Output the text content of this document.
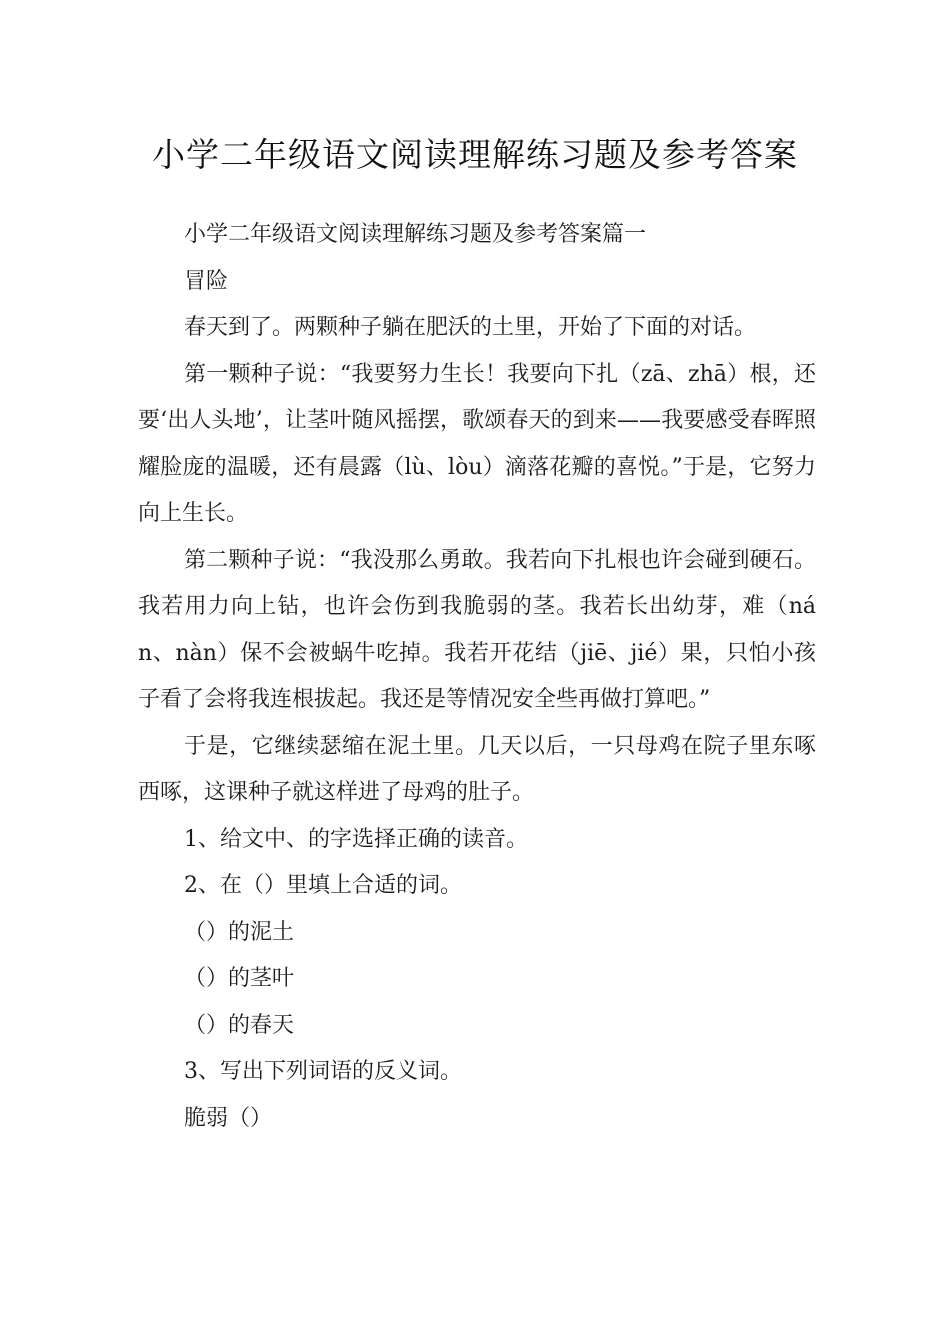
小学二年级语文阅读理解练习题及参考答案

小学二年级语文阅读理解练习题及参考答案篇一

冒险

春天到了。两颗种子躺在肥沃的土里，开始了下面的对话。

第一颗种子说：“我要努力生长！我要向下扎（zā、zhā）根，还要‘出人头地’，让茎叶随风摇摆，歌颂春天的到来——我要感受春晖照耀脸庞的温暖，还有晨露（lù、lòu）滴落花瓣的喜悦。”于是，它努力向上生长。

第二颗种子说：“我没那么勇敢。我若向下扎根也许会碰到硬石。我若用力向上钻，也许会伤到我脆弱的茎。我若长出幼芽，难（nán、nàn）保不会被蜗牛吃掉。我若开花结（jiē、jié）果，只怕小孩子看了会将我连根拔起。我还是等情况安全些再做打算吧。”

于是，它继续瑟缩在泥土里。几天以后，一只母鸡在院子里东啄西啄，这课种子就这样进了母鸡的肚子。

1、给文中、的字选择正确的读音。

2、在（）里填上合适的词。

（）的泥土

（）的茎叶

（）的春天

3、写出下列词语的反义词。

脆弱（）
